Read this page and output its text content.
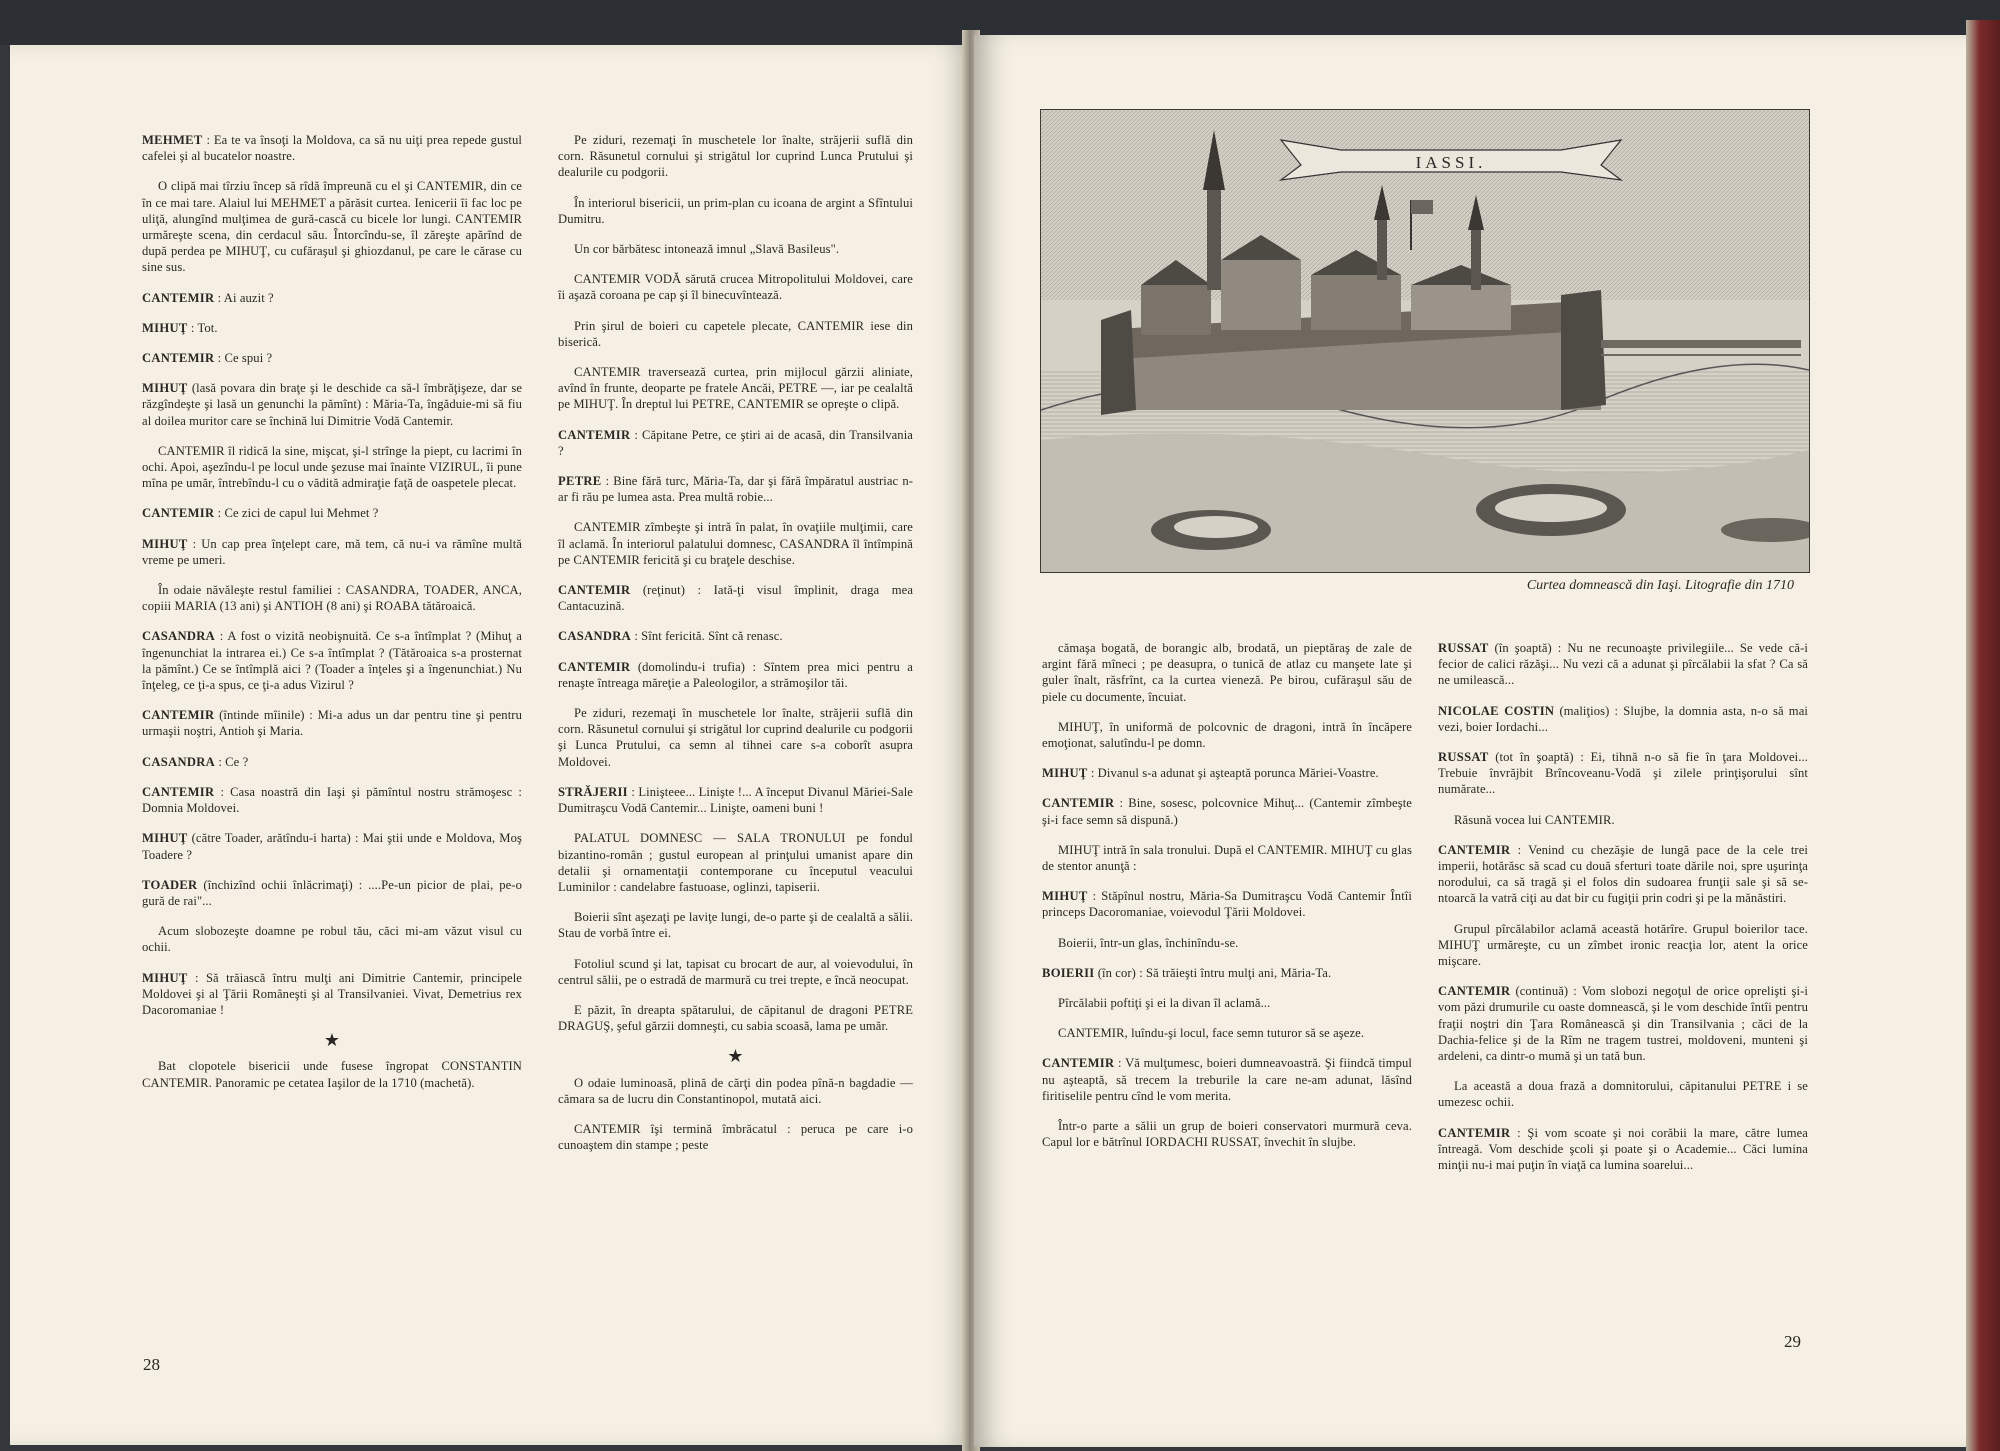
MEHMET : Ea te va însoţi la Moldova, ca să nu uiţi prea repede gustul cafelei şi al bucatelor noastre.

O clipă mai tîrziu încep să rîdă împreună cu el şi CANTEMIR, din ce în ce mai tare. Alaiul lui MEHMET a părăsit curtea. Ienicerii îi fac loc pe uliţă, alungînd mulţimea de gură-cască cu bicele lor lungi. CANTEMIR urmăreşte scena, din cerdacul său. Întorcîndu-se, îl zăreşte apărînd de după perdea pe MIHUŢ, cu cufăraşul şi ghiozdanul, pe care le cărase cu sine sus.

CANTEMIR : Ai auzit ?

MIHUŢ : Tot.

CANTEMIR : Ce spui ?

MIHUŢ (lasă povara din braţe şi le deschide ca să-l îmbrăţişeze, dar se răzgîndeşte şi lasă un genunchi la pămînt) : Măria-Ta, îngăduie-mi să fiu al doilea muritor care se închină lui Dimitrie Vodă Cantemir.

CANTEMIR îl ridică la sine, mişcat, şi-l strînge la piept, cu lacrimi în ochi. Apoi, aşezîndu-l pe locul unde şezuse mai înainte VIZIRUL, îi pune mîna pe umăr, întrebîndu-l cu o vădită admiraţie faţă de oaspetele plecat.

CANTEMIR : Ce zici de capul lui Mehmet ?

MIHUŢ : Un cap prea înţelept care, mă tem, că nu-i va rămîne multă vreme pe umeri.

În odaie năvăleşte restul familiei : CASANDRA, TOADER, ANCA, copiii MARIA (13 ani) şi ANTIOH (8 ani) şi ROABA tătăroaică.

CASANDRA : A fost o vizită neobişnuită. Ce s-a întîmplat ? (Mihuţ a îngenunchiat la intrarea ei.) Ce s-a întîmplat ? (Tătăroaica s-a prosternat la pămînt.) Ce se întîmplă aici ? (Toader a înţeles şi a îngenunchiat.) Nu înţeleg, ce ţi-a spus, ce ţi-a adus Vizirul ?

CANTEMIR (întinde mîinile) : Mi-a adus un dar pentru tine şi pentru urmaşii noştri, Antioh şi Maria.

CASANDRA : Ce ?

CANTEMIR : Casa noastră din Iaşi şi pămîntul nostru strămoşesc : Domnia Moldovei.

MIHUŢ (către Toader, arătîndu-i harta) : Mai ştii unde e Moldova, Moş Toadere ?

TOADER (închizînd ochii înlăcrimaţi) : ....Pe-un picior de plai, pe-o gură de rai"...

Acum slobozeşte doamne pe robul tău, căci mi-am văzut visul cu ochii.

MIHUŢ : Să trăiască întru mulţi ani Dimitrie Cantemir, principele Moldovei şi al Ţării Româneşti şi al Transilvaniei. Vivat, Demetrius rex Dacoromaniae !

★

Bat clopotele bisericii unde fusese îngropat CONSTANTIN CANTEMIR. Panoramic pe cetatea Iaşilor de la 1710 (machetă).

Pe ziduri, rezemaţi în muschetele lor înalte, străjerii suflă din corn. Răsunetul cornului şi strigătul lor cuprind Lunca Prutului şi dealurile cu podgorii.

În interiorul bisericii, un prim-plan cu icoana de argint a Sfîntului Dumitru.

Un cor bărbătesc intonează imnul „Slavă Basileus".

CANTEMIR VODĂ sărută crucea Mitropolitului Moldovei, care îi aşază coroana pe cap şi îl binecuvîntează.

Prin şirul de boieri cu capetele plecate, CANTEMIR iese din biserică.

CANTEMIR traversează curtea, prin mijlocul gărzii aliniate, avînd în frunte, deoparte pe fratele Ancăi, PETRE —, iar pe cealaltă pe MIHUŢ. În dreptul lui PETRE, CANTEMIR se opreşte o clipă.

CANTEMIR : Căpitane Petre, ce ştiri ai de acasă, din Transilvania ?

PETRE : Bine fără turc, Măria-Ta, dar şi fără împăratul austriac n-ar fi rău pe lumea asta. Prea multă robie...

CANTEMIR zîmbeşte şi intră în palat, în ovaţiile mulţimii, care îl aclamă. În interiorul palatului domnesc, CASANDRA îl întîmpină pe CANTEMIR fericită şi cu braţele deschise.

CANTEMIR (reţinut) : Iată-ţi visul împlinit, draga mea Cantacuzină.

CASANDRA : Sînt fericită. Sînt că renasc.

CANTEMIR (domolindu-i trufia) : Sîntem prea mici pentru a renaşte întreaga măreţie a Paleologilor, a strămoşilor tăi.

Pe ziduri, rezemaţi în muschetele lor înalte, străjerii suflă din corn. Răsunetul cornului şi strigătul lor cuprind dealurile cu podgorii şi Lunca Prutului, ca semn al tihnei care s-a coborît asupra Moldovei.

STRĂJERII : Linişteee... Linişte !... A început Divanul Măriei-Sale Dumitraşcu Vodă Cantemir... Linişte, oameni buni !

PALATUL DOMNESC — SALA TRONULUI pe fondul bizantino-român ; gustul european al prinţului umanist apare din detalii şi ornamentaţii contemporane cu începutul veacului Luminilor : candelabre fastuoase, oglinzi, tapiserii.

Boierii sînt aşezaţi pe laviţe lungi, de-o parte şi de cealaltă a sălii. Stau de vorbă între ei.

Fotoliul scund şi lat, tapisat cu brocart de aur, al voievodului, în centrul sălii, pe o estradă de marmură cu trei trepte, e încă neocupat.

E păzit, în dreapta spătarului, de căpitanul de dragoni PETRE DRAGUŞ, şeful gărzii domneşti, cu sabia scoasă, lama pe umăr.

★

O odaie luminoasă, plină de cărţi din podea pînă-n bagdadie — cămara sa de lucru din Constantinopol, mutată aici.

CANTEMIR îşi termină îmbrăcatul : peruca pe care i-o cunoaştem din stampe ; peste

28
IASSI.
Curtea domnească din Iaşi. Litografie din 1710

cămaşa bogată, de borangic alb, brodată, un pieptăraş de zale de argint fără mîneci ; pe deasupra, o tunică de atlaz cu manşete late şi guler înalt, răsfrînt, ca la curtea vieneză. Pe birou, cufăraşul său de piele cu documente, încuiat.

MIHUŢ, în uniformă de polcovnic de dragoni, intră în încăpere emoţionat, salutîndu-l pe domn.

MIHUŢ : Divanul s-a adunat şi aşteaptă porunca Măriei-Voastre.

CANTEMIR : Bine, sosesc, polcovnice Mihuţ... (Cantemir zîmbeşte şi-i face semn să dispună.)

MIHUŢ intră în sala tronului. După el CANTEMIR. MIHUŢ cu glas de stentor anunţă :

MIHUŢ : Stăpînul nostru, Măria-Sa Dumitraşcu Vodă Cantemir Întîi princeps Dacoromaniae, voievodul Ţării Moldovei.

Boierii, într-un glas, închinîndu-se.

BOIERII (în cor) : Să trăieşti întru mulţi ani, Măria-Ta.

Pîrcălabii poftiţi şi ei la divan îl aclamă...

CANTEMIR, luîndu-şi locul, face semn tuturor să se aşeze.

CANTEMIR : Vă mulţumesc, boieri dumneavoastră. Şi fiindcă timpul nu aşteaptă, să trecem la treburile la care ne-am adunat, lăsînd firitiselile pentru cînd le vom merita.

Într-o parte a sălii un grup de boieri conservatori murmură ceva. Capul lor e bătrînul IORDACHI RUSSAT, învechit în slujbe.

RUSSAT (în şoaptă) : Nu ne recunoaşte privilegiile... Se vede că-i fecior de calici răzăşi... Nu vezi că a adunat şi pîrcălabii la sfat ? Ca să ne umilească...

NICOLAE COSTIN (maliţios) : Slujbe, la domnia asta, n-o să mai vezi, boier Iordachi...

RUSSAT (tot în şoaptă) : Ei, tihnă n-o să fie în ţara Moldovei... Trebuie învrăjbit Brîncoveanu-Vodă şi zilele prinţişorului sînt numărate...

Răsună vocea lui CANTEMIR.

CANTEMIR : Venind cu chezăşie de lungă pace de la cele trei imperii, hotărăsc să scad cu două sferturi toate dările noi, spre uşurinţa norodului, ca să tragă şi el folos din sudoarea frunţii sale şi să se-ntoarcă la vatră ciţi au dat bir cu fugiţii prin codri şi pe la mănăstiri.

Grupul pîrcălabilor aclamă această hotărîre. Grupul boierilor tace. MIHUŢ urmăreşte, cu un zîmbet ironic reacţia lor, atent la orice mişcare.

CANTEMIR (continuă) : Vom slobozi negoţul de orice oprelişti şi-i vom păzi drumurile cu oaste domnească, şi le vom deschide întîi pentru fraţii noştri din Ţara Românească şi din Transilvania ; căci de la Dachia-felice şi de la Rîm ne tragem tustrei, moldoveni, munteni şi ardeleni, ca dintr-o mumă şi un tată bun.

La această a doua frază a domnitorului, căpitanului PETRE i se umezesc ochii.

CANTEMIR : Şi vom scoate şi noi corăbii la mare, către lumea întreagă. Vom deschide şcoli şi poate şi o Academie... Căci lumina minţii nu-i mai puţin în viaţă ca lumina soarelui...

29
